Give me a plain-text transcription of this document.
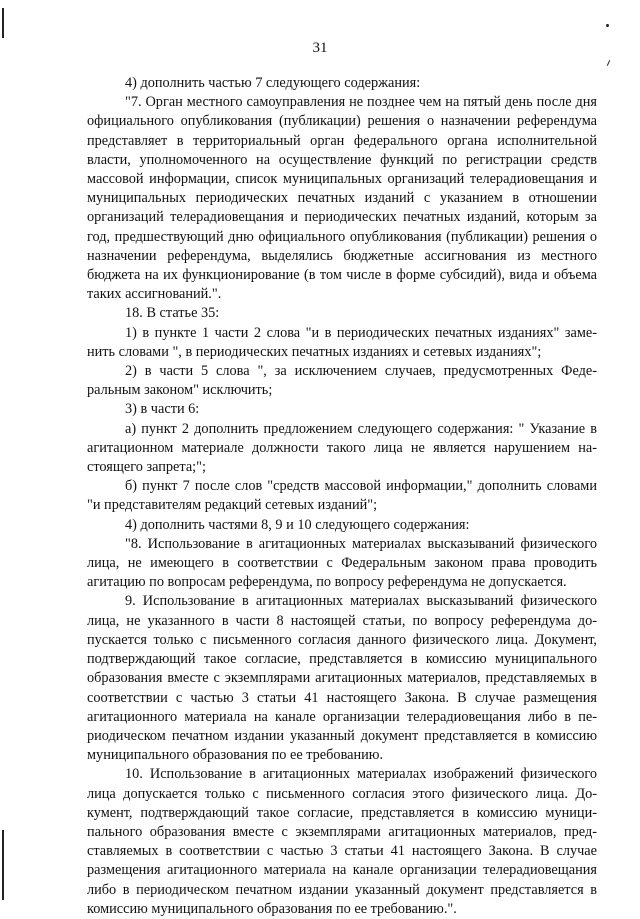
31

4) дополнить частью 7 следующего содержания:

"7. Орган местного самоуправления не позднее чем на пятый день после дня официального опубликования (публикации) решения о назначении референдума представляет в территориальный орган федерального органа исполнительной власти, уполномоченного на осуществление функций по регистрации средств массовой информации, список муниципальных организаций телерадиовещания и муниципальных периодических печатных изданий с указанием в отношении организаций телерадиовещания и периодических печатных изданий, которым за год, предшествующий дню официального опубликования (публикации) решения о назначении референдума, выделялись бюджетные ассигнования из местного бюджета на их функционирование (в том числе в форме субсидий), вида и объема таких ассигнований.".

18. В статье 35:

1) в пункте 1 части 2 слова "и в периодических печатных изданиях" заменить словами ", в периодических печатных изданиях и сетевых изданиях";

2) в части 5 слова ", за исключением случаев, предусмотренных Федеральным законом" исключить;

3) в части 6:

а) пункт 2 дополнить предложением следующего содержания: " Указание в агитационном материале должности такого лица не является нарушением настоящего запрета;";

б) пункт 7 после слов "средств массовой информации," дополнить словами "и представителям редакций сетевых изданий";

4) дополнить частями 8, 9 и 10 следующего содержания:

"8. Использование в агитационных материалах высказываний физического лица, не имеющего в соответствии с Федеральным законом права проводить агитацию по вопросам референдума, по вопросу референдума не допускается.

9. Использование в агитационных материалах высказываний физического лица, не указанного в части 8 настоящей статьи, по вопросу референдума допускается только с письменного согласия данного физического лица. Документ, подтверждающий такое согласие, представляется в комиссию муниципального образования вместе с экземплярами агитационных материалов, представляемых в соответствии с частью 3 статьи 41 настоящего Закона. В случае размещения агитационного материала на канале организации телерадиовещания либо в периодическом печатном издании указанный документ представляется в комиссию муниципального образования по ее требованию.

10. Использование в агитационных материалах изображений физического лица допускается только с письменного согласия этого физического лица. Документ, подтверждающий такое согласие, представляется в комиссию муниципального образования вместе с экземплярами агитационных материалов, представляемых в соответствии с частью 3 статьи 41 настоящего Закона. В случае размещения агитационного материала на канале организации телерадиовещания либо в периодическом печатном издании указанный документ представляется в комиссию муниципального образования по ее требованию.".
